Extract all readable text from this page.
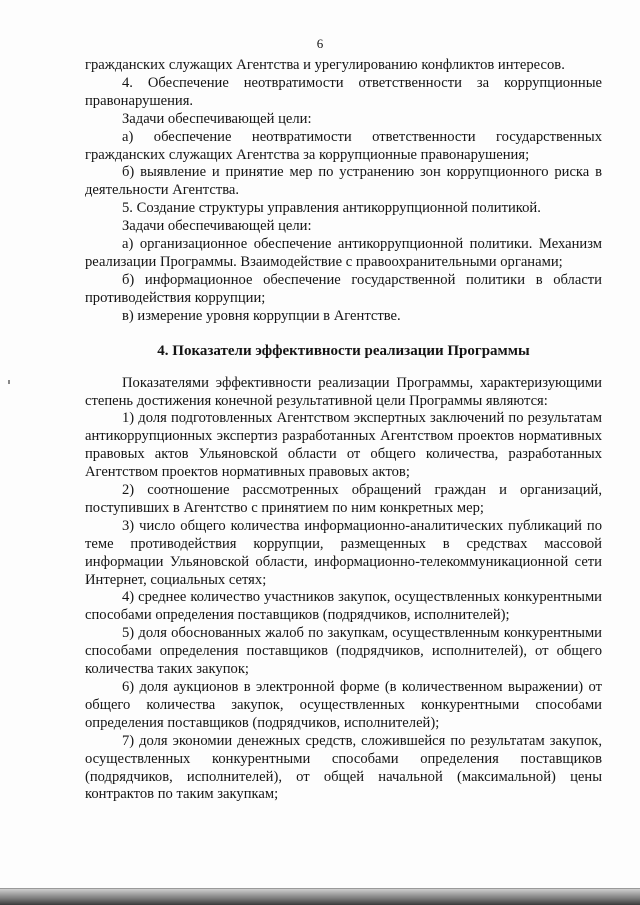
6

гражданских служащих Агентства и урегулированию конфликтов интересов.

4. Обеспечение неотвратимости ответственности за коррупционные правонарушения.

Задачи обеспечивающей цели:

а) обеспечение неотвратимости ответственности государственных гражданских служащих Агентства за коррупционные правонарушения;

б) выявление и принятие мер по устранению зон коррупционного риска в деятельности Агентства.

5. Создание структуры управления антикоррупционной политикой.

Задачи обеспечивающей цели:

а) организационное обеспечение антикоррупционной политики. Механизм реализации Программы. Взаимодействие с правоохранительными органами;

б) информационное обеспечение государственной политики в области противодействия коррупции;

в) измерение уровня коррупции в Агентстве.

4. Показатели эффективности реализации Программы

Показателями эффективности реализации Программы, характеризующими степень достижения конечной результативной цели Программы являются:

1) доля подготовленных Агентством экспертных заключений по результатам антикоррупционных экспертиз разработанных Агентством проектов нормативных правовых актов Ульяновской области от общего количества, разработанных Агентством проектов нормативных правовых актов;

2) соотношение рассмотренных обращений граждан и организаций, поступивших в Агентство с принятием по ним конкретных мер;

3) число общего количества информационно-аналитических публикаций по теме противодействия коррупции, размещенных в средствах массовой информации Ульяновской области, информационно-телекоммуникационной сети Интернет, социальных сетях;

4) среднее количество участников закупок, осуществленных конкурентными способами определения поставщиков (подрядчиков, исполнителей);

5) доля обоснованных жалоб по закупкам, осуществленным конкурентными способами определения поставщиков (подрядчиков, исполнителей), от общего количества таких закупок;

6) доля аукционов в электронной форме (в количественном выражении) от общего количества закупок, осуществленных конкурентными способами определения поставщиков (подрядчиков, исполнителей);

7) доля экономии денежных средств, сложившейся по результатам закупок, осуществленных конкурентными способами определения поставщиков (подрядчиков, исполнителей), от общей начальной (максимальной) цены контрактов по таким закупкам;
